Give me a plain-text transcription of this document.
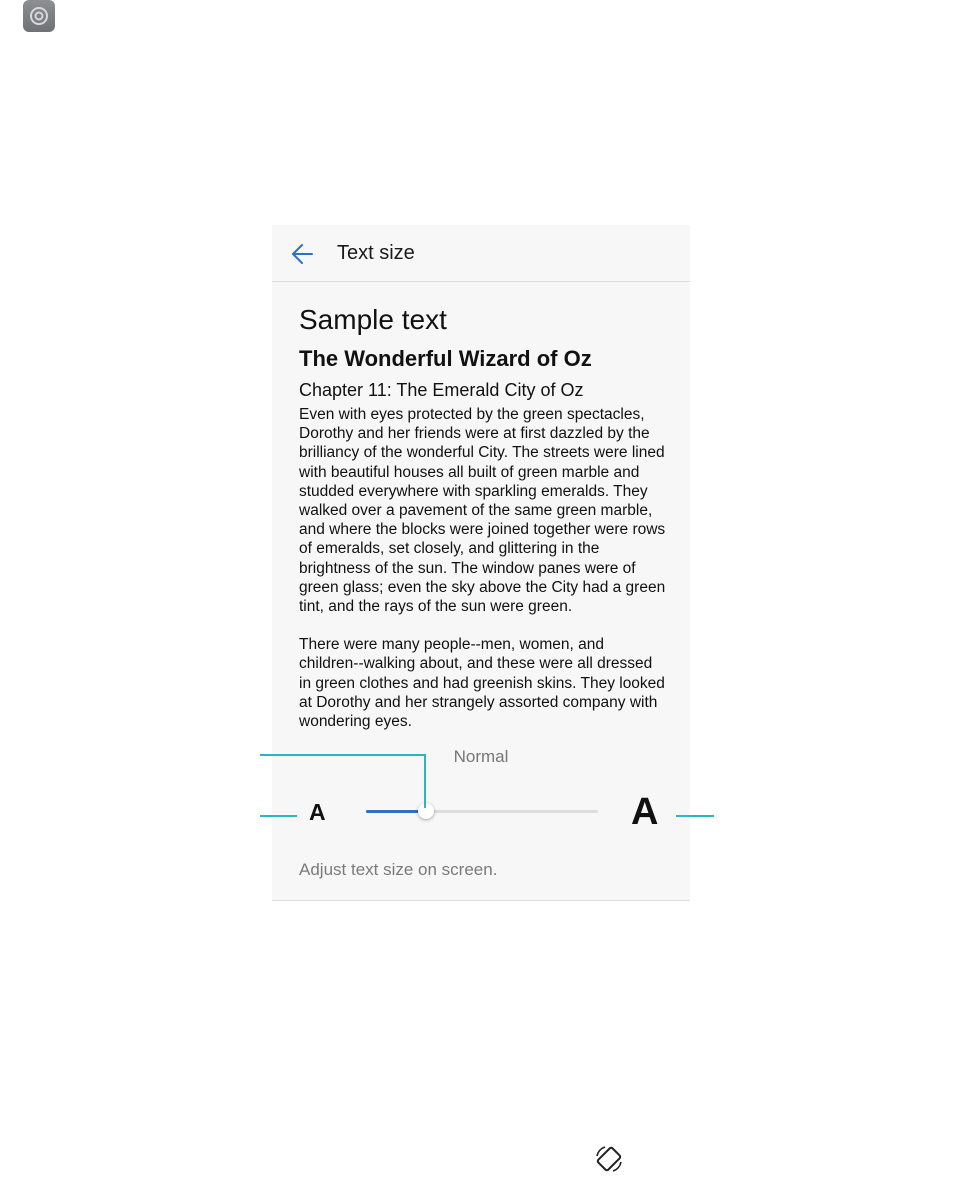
Text size
Sample text
The Wonderful Wizard of Oz
Chapter 11: The Emerald City of Oz

Even with eyes protected by the green spectacles, Dorothy and her friends were at first dazzled by the brilliancy of the wonderful City. The streets were lined with beautiful houses all built of green marble and studded everywhere with sparkling emeralds. They walked over a pavement of the same green marble, and where the blocks were joined together were rows of emeralds, set closely, and glittering in the brightness of the sun. The window panes were of green glass; even the sky above the City had a green tint, and the rays of the sun were green.

There were many people--men, women, and children--walking about, and these were all dressed in green clothes and had greenish skins. They looked at Dorothy and her strangely assorted company with wondering eyes.

Normal
A	A
Adjust text size on screen.
